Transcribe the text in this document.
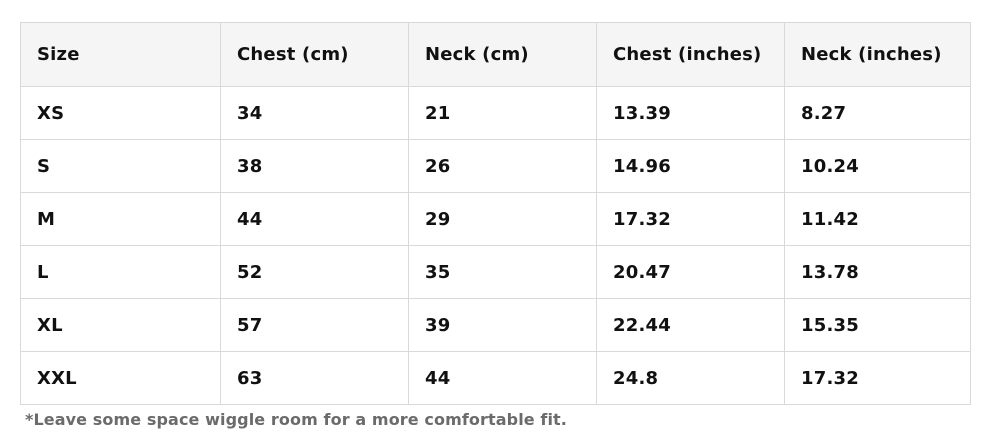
Size	Chest (cm)	Neck (cm)	Chest (inches)	Neck (inches)
XS	34	21	13.39	8.27
S	38	26	14.96	10.24
M	44	29	17.32	11.42
L	52	35	20.47	13.78
XL	57	39	22.44	15.35
XXL	63	44	24.8	17.32
*Leave some space wiggle room for a more comfortable fit.
